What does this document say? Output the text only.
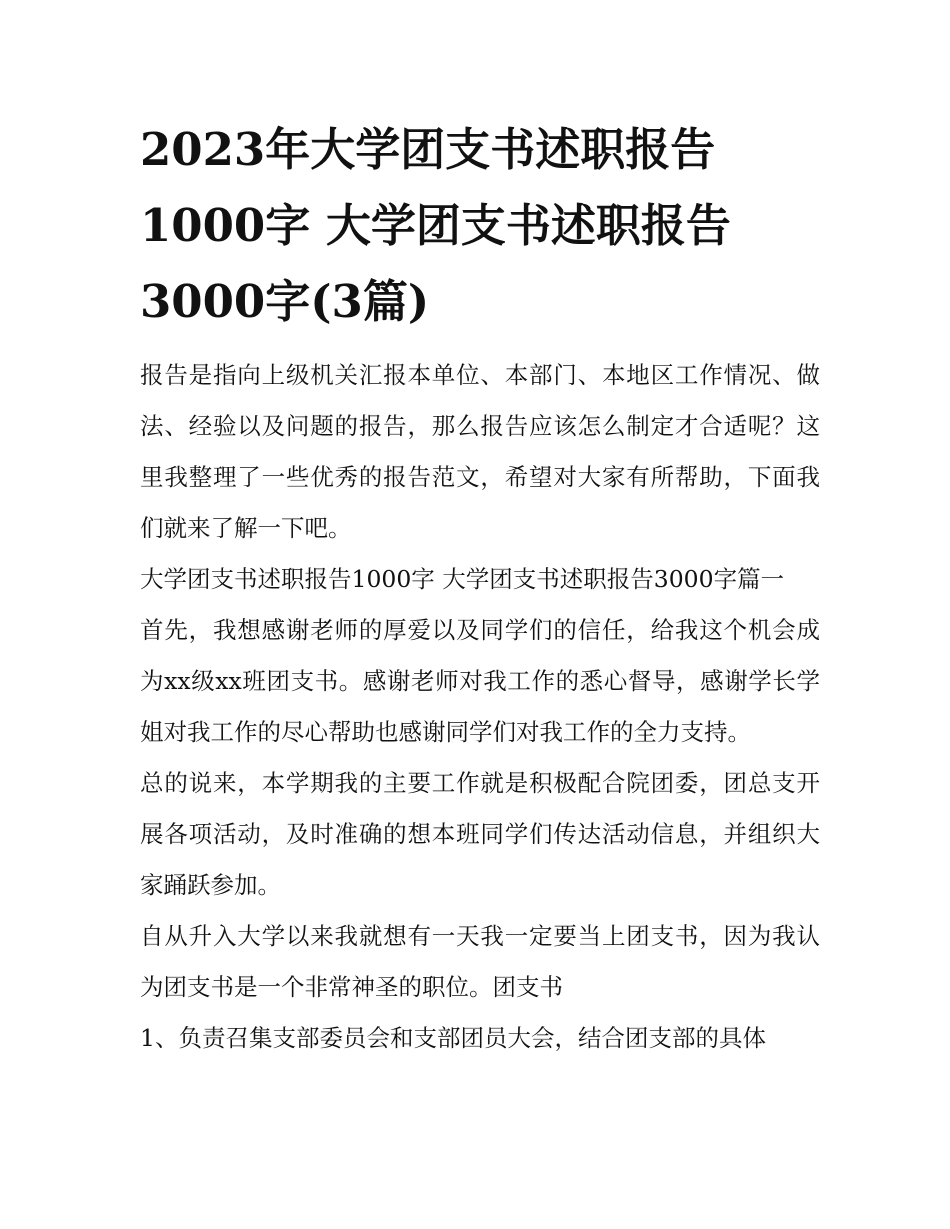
2023年大学团支书述职报告1000字 大学团支书述职报告3000字(3篇)

报告是指向上级机关汇报本单位、本部门、本地区工作情况、做法、经验以及问题的报告，那么报告应该怎么制定才合适呢？这里我整理了一些优秀的报告范文，希望对大家有所帮助，下面我们就来了解一下吧。

大学团支书述职报告1000字 大学团支书述职报告3000字篇一

首先，我想感谢老师的厚爱以及同学们的信任，给我这个机会成为xx级xx班团支书。感谢老师对我工作的悉心督导，感谢学长学姐对我工作的尽心帮助也感谢同学们对我工作的全力支持。

总的说来，本学期我的主要工作就是积极配合院团委，团总支开展各项活动，及时准确的想本班同学们传达活动信息，并组织大家踊跃参加。

自从升入大学以来我就想有一天我一定要当上团支书，因为我认为团支书是一个非常神圣的职位。团支书

1、负责召集支部委员会和支部团员大会，结合团支部的具体
